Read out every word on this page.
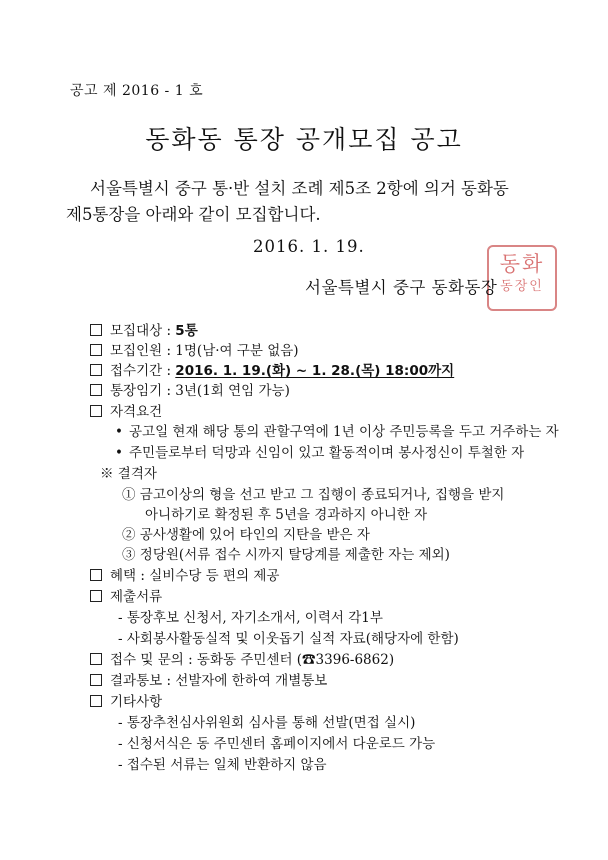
공고 제 2016 - 1 호
동화동 통장 공개모집 공고
서울특별시 중구 통·반 설치 조례 제5조 2항에 의거 동화동
제5통장을 아래와 같이 모집합니다.
2016. 1. 19.
동화
동장인
서울특별시 중구 동화동장
모집대상 : 5통
모집인원 : 1명(남·여 구분 없음)
접수기간 : 2016. 1. 19.(화) ~ 1. 28.(목) 18:00까지
통장임기 : 3년(1회 연임 가능)
자격요건
• 공고일 현재 해당 통의 관할구역에 1년 이상 주민등록을 두고 거주하는 자
• 주민들로부터 덕망과 신임이 있고 활동적이며 봉사정신이 투철한 자
※ 결격자
① 금고이상의 형을 선고 받고 그 집행이 종료되거나, 집행을 받지
아니하기로 확정된 후 5년을 경과하지 아니한 자
② 공사생활에 있어 타인의 지탄을 받은 자
③ 정당원(서류 접수 시까지 탈당계를 제출한 자는 제외)
혜택 : 실비수당 등 편의 제공
제출서류
- 통장후보 신청서, 자기소개서, 이력서 각1부
- 사회봉사활동실적 및 이웃돕기 실적 자료(해당자에 한함)
접수 및 문의 : 동화동 주민센터 (☎3396-6862)
결과통보 : 선발자에 한하여 개별통보
기타사항
- 통장추천심사위원회 심사를 통해 선발(면접 실시)
- 신청서식은 동 주민센터 홈페이지에서 다운로드 가능
- 접수된 서류는 일체 반환하지 않음
